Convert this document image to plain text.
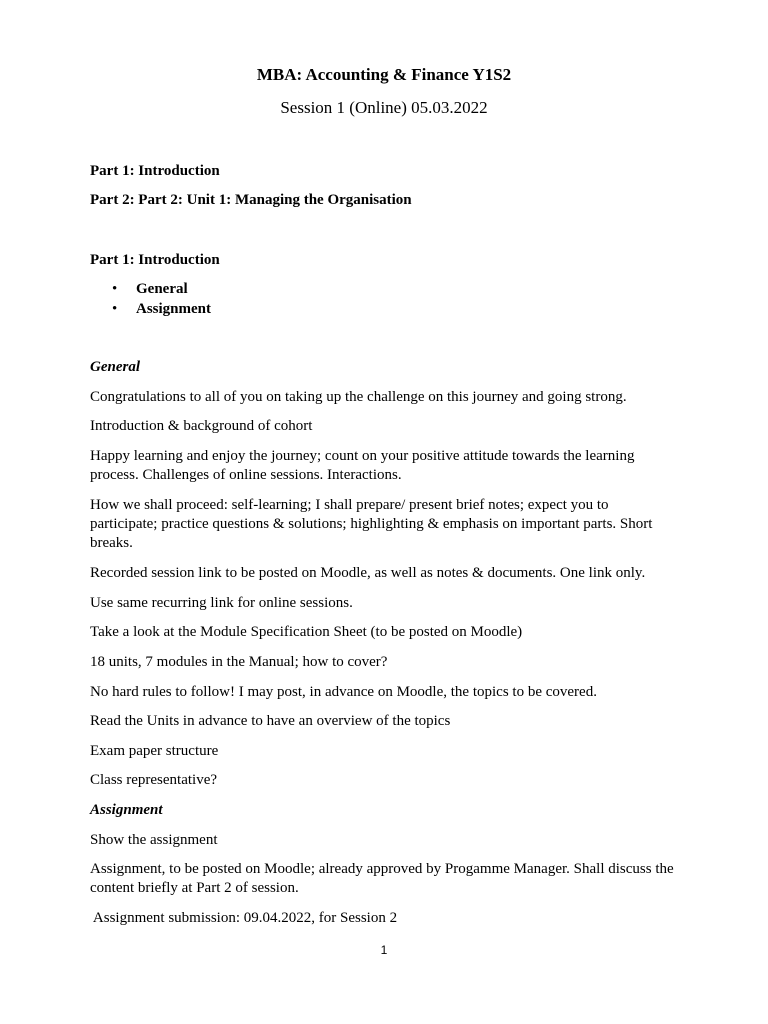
MBA: Accounting & Finance Y1S2
Session 1 (Online) 05.03.2022
Part 1: Introduction
Part 2: Part 2: Unit 1: Managing the Organisation
Part 1: Introduction
• General
• Assignment
General
Congratulations to all of you on taking up the challenge on this journey and going strong.
Introduction & background of cohort
Happy learning and enjoy the journey; count on your positive attitude towards the learning
process. Challenges of online sessions. Interactions.
How we shall proceed: self-learning; I shall prepare/ present brief notes; expect you to
participate; practice questions & solutions; highlighting & emphasis on important parts. Short
breaks.
Recorded session link to be posted on Moodle, as well as notes & documents. One link only.
Use same recurring link for online sessions.
Take a look at the Module Specification Sheet (to be posted on Moodle)
18 units, 7 modules in the Manual; how to cover?
No hard rules to follow! I may post, in advance on Moodle, the topics to be covered.
Read the Units in advance to have an overview of the topics
Exam paper structure
Class representative?
Assignment
Show the assignment
Assignment, to be posted on Moodle; already approved by Progamme Manager. Shall discuss the
content briefly at Part 2 of session.
Assignment submission: 09.04.2022, for Session 2
1
